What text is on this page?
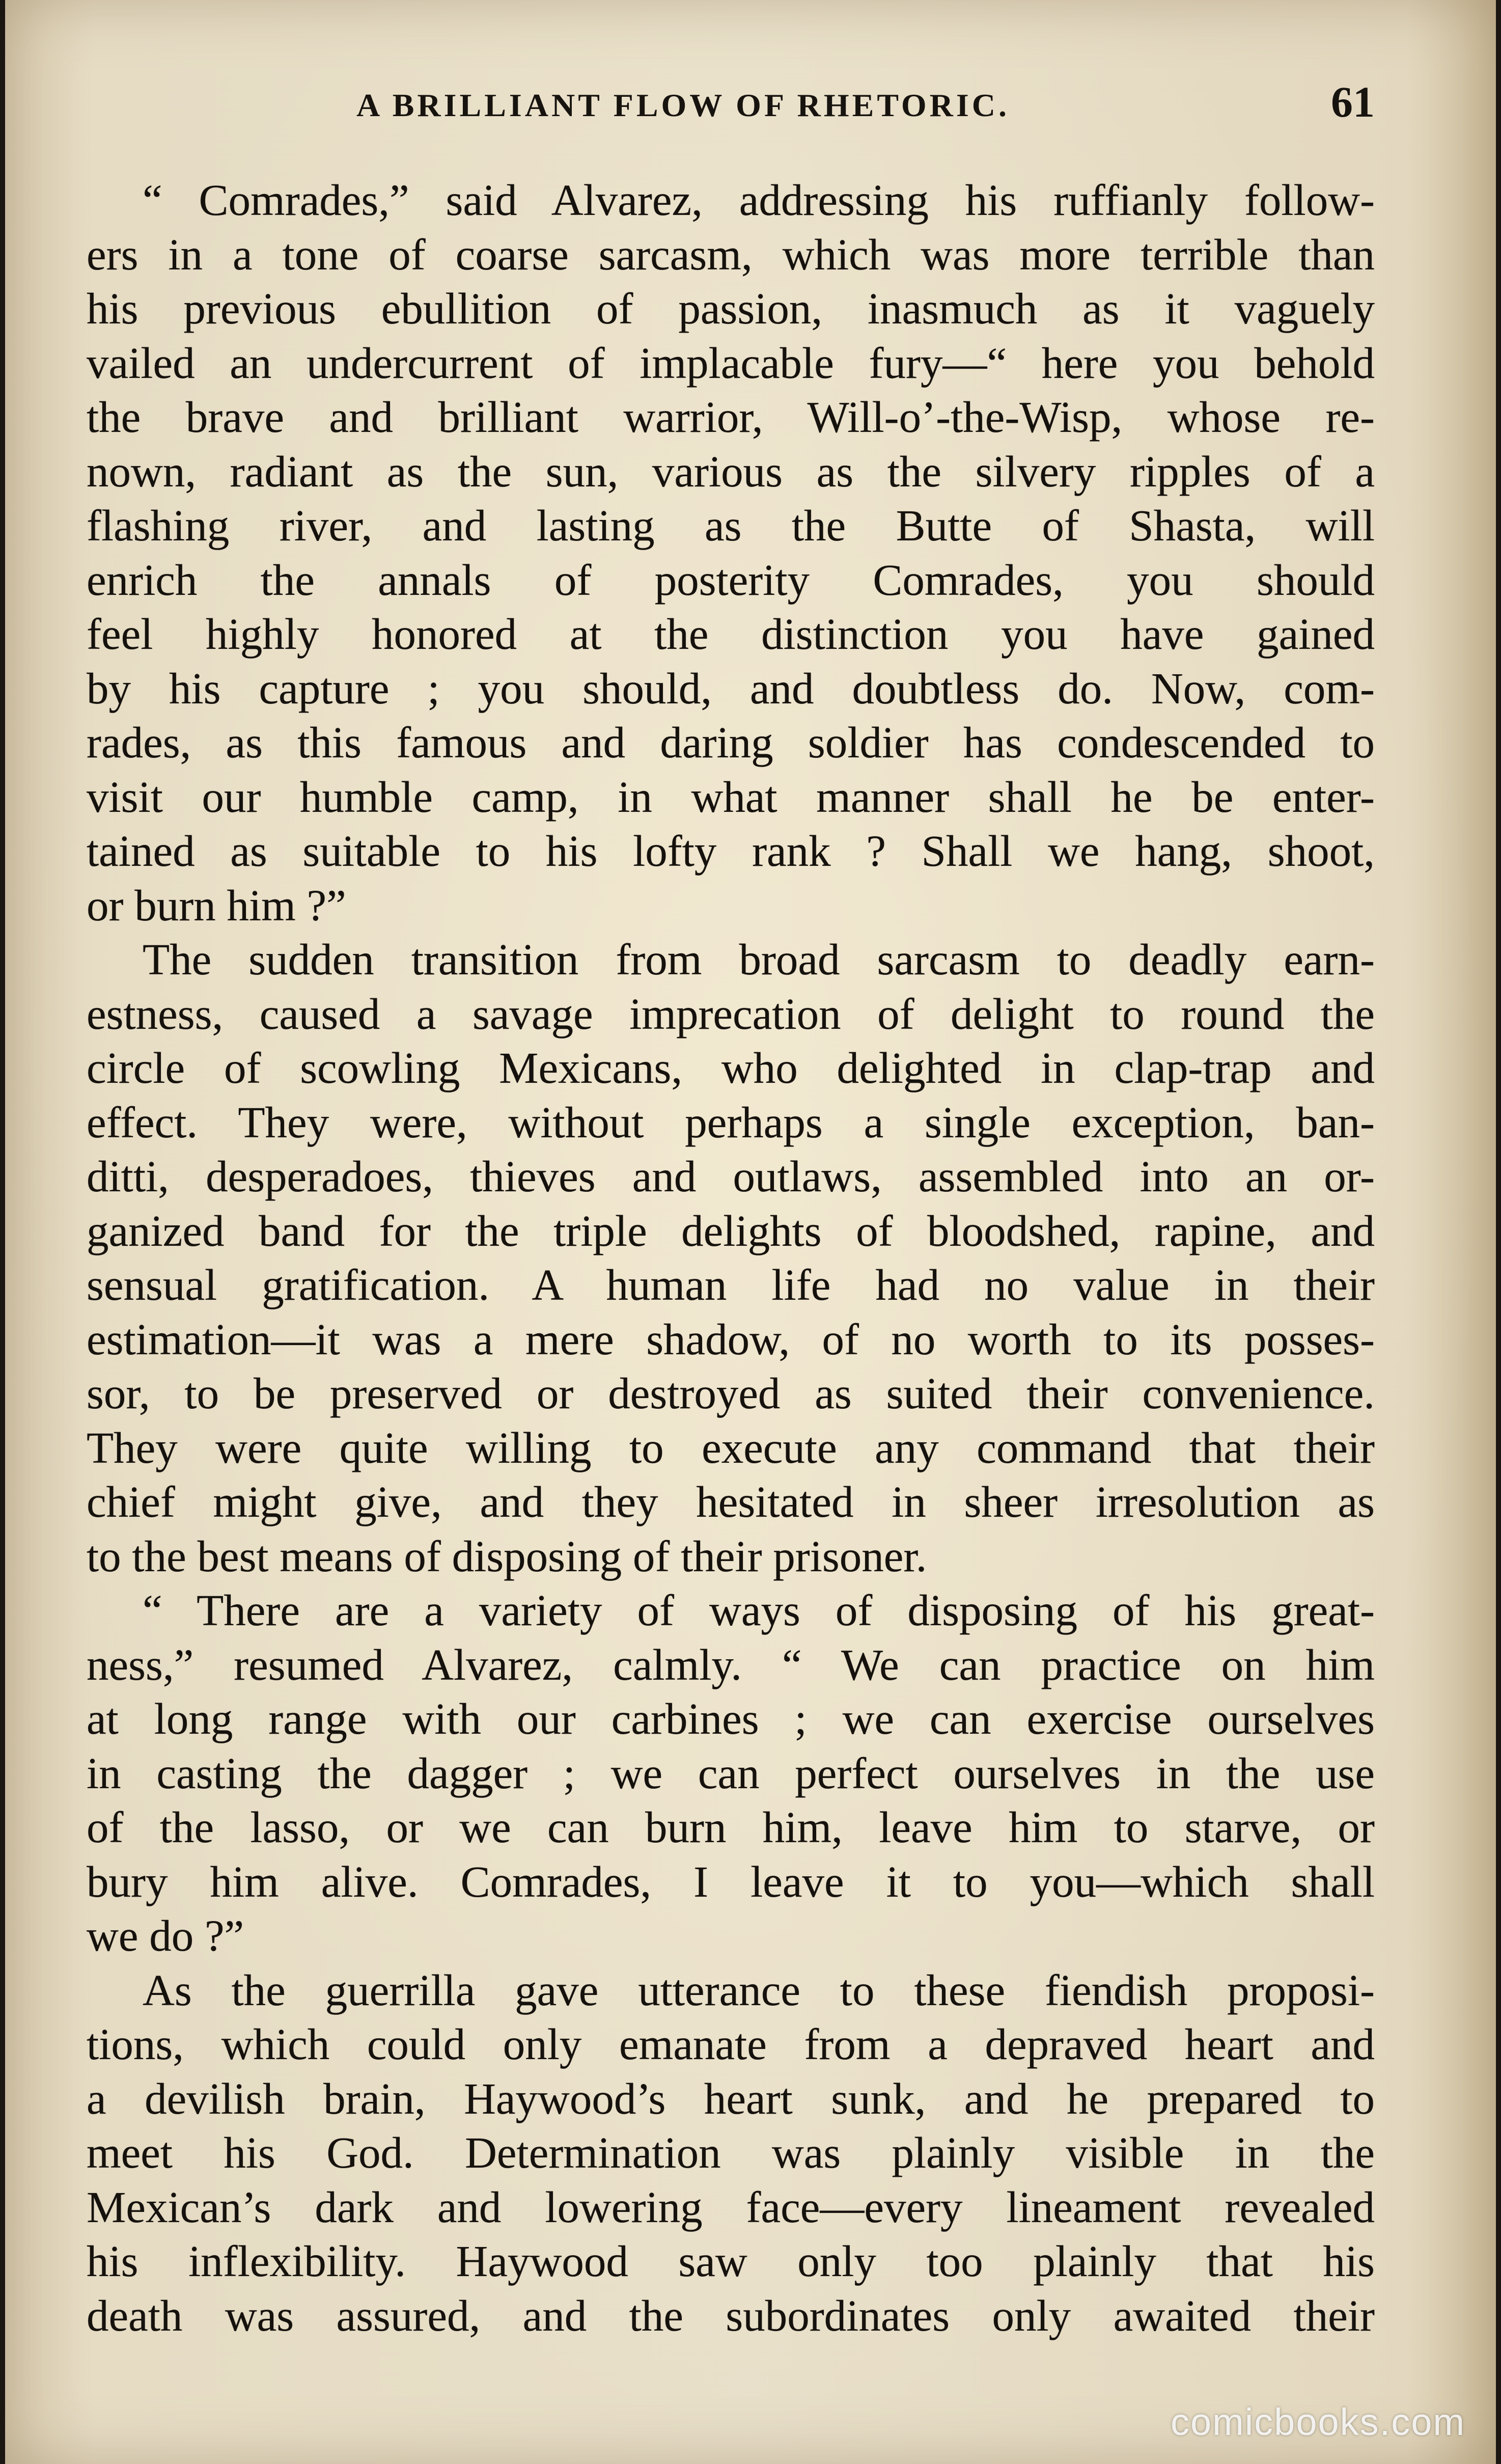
A BRILLIANT FLOW OF RHETORIC.	61
“ Comrades,” said Alvarez, addressing his ruffianly follow-
ers in a tone of coarse sarcasm, which was more terrible than
his previous ebullition of passion, inasmuch as it vaguely
vailed an undercurrent of implacable fury—“ here you behold
the brave and brilliant warrior, Will-o’-the-Wisp, whose re-
nown, radiant as the sun, various as the silvery ripples of a
flashing river, and lasting as the Butte of Shasta, will
enrich the annals of posterity Comrades, you should
feel highly honored at the distinction you have gained
by his capture ; you should, and doubtless do. Now, com-
rades, as this famous and daring soldier has condescended to
visit our humble camp, in what manner shall he be enter-
tained as suitable to his lofty rank ? Shall we hang, shoot,
or burn him ?”
The sudden transition from broad sarcasm to deadly earn-
estness, caused a savage imprecation of delight to round the
circle of scowling Mexicans, who delighted in clap-trap and
effect. They were, without perhaps a single exception, ban-
ditti, desperadoes, thieves and outlaws, assembled into an or-
ganized band for the triple delights of bloodshed, rapine, and
sensual gratification. A human life had no value in their
estimation—it was a mere shadow, of no worth to its posses-
sor, to be preserved or destroyed as suited their convenience.
They were quite willing to execute any command that their
chief might give, and they hesitated in sheer irresolution as
to the best means of disposing of their prisoner.
“ There are a variety of ways of disposing of his great-
ness,” resumed Alvarez, calmly. “ We can practice on him
at long range with our carbines ; we can exercise ourselves
in casting the dagger ; we can perfect ourselves in the use
of the lasso, or we can burn him, leave him to starve, or
bury him alive. Comrades, I leave it to you—which shall
we do ?”
As the guerrilla gave utterance to these fiendish proposi-
tions, which could only emanate from a depraved heart and
a devilish brain, Haywood’s heart sunk, and he prepared to
meet his God. Determination was plainly visible in the
Mexican’s dark and lowering face—every lineament revealed
his inflexibility. Haywood saw only too plainly that his
death was assured, and the subordinates only awaited their
comicbooks.com
